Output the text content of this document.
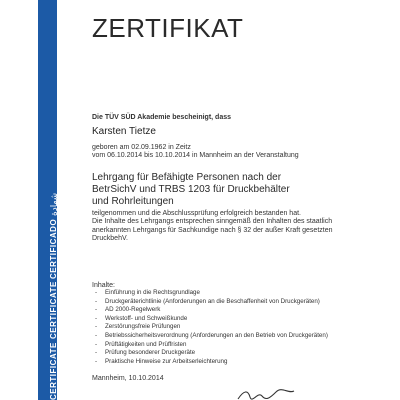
CERTIFICATE CERTIFICATE CERTIFICADO شهادة
ZERTIFIKAT
Die TÜV SÜD Akademie bescheinigt, dass
Karsten Tietze
geboren am 02.09.1962 in Zeitz
vom 06.10.2014 bis 10.10.2014 in Mannheim an der Veranstaltung
Lehrgang für Befähigte Personen nach der
BetrSichV und TRBS 1203 für Druckbehälter
und Rohrleitungen
teilgenommen und die Abschlussprüfung erfolgreich bestanden hat.
Die Inhalte des Lehrgangs entsprechen sinngemäß den Inhalten des staatlich
anerkannten Lehrgangs für Sachkundige nach § 32 der außer Kraft gesetzten
DruckbehV.
Inhalte:
- Einführung in die Rechtsgrundlage
- Druckgeräterichtlinie (Anforderungen an die Beschaffenheit von Druckgeräten)
- AD 2000-Regelwerk
- Werkstoff- und Schweißkunde
- Zerstörungsfreie Prüfungen
- Betriebssicherheitsverordnung (Anforderungen an den Betrieb von Druckgeräten)
- Prüftätigkeiten und Prüffristen
- Prüfung besonderer Druckgeräte
- Praktische Hinweise zur Arbeitserleichterung
Mannheim, 10.10.2014
